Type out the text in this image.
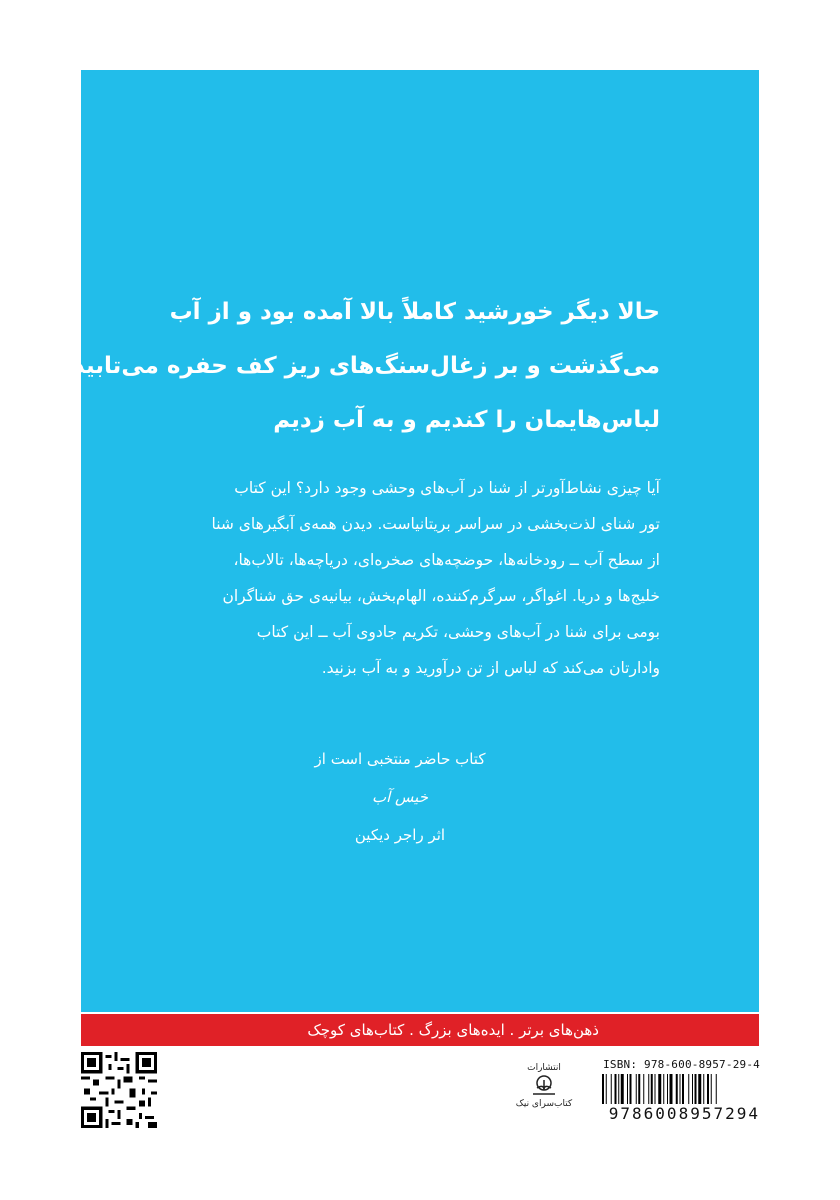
حالا دیگر خورشید کاملاً بالا آمده بود و از آب
می‌گذشت و بر زغال‌سنگ‌های ریز کف حفره می‌تابید.
لباس‌هایمان را کندیم و به آب زدیم
آیا چیزی نشاط‌آورتر از شنا در آب‌های وحشی وجود دارد؟ این کتاب
تور شنای لذت‌بخشی در سراسر بریتانیاست. دیدن همه‌ی آبگیرهای شنا
از سطح آب ــ رودخانه‌ها، حوضچه‌های صخره‌ای، دریاچه‌ها، تالاب‌ها،
خلیج‌ها و دریا. اغواگر، سرگرم‌کننده، الهام‌بخش، بیانیه‌ی حق شناگران
بومی برای شنا در آب‌های وحشی، تکریم جادوی آب ــ این کتاب
وادارتان می‌کند که لباس از تن درآورید و به آب بزنید.
کتاب حاضر منتخبی است از
خیس آب
اثر راجر دیکین
ذهن‌های برتر . ایده‌های بزرگ . کتاب‌های کوچک
انتشارات
کتاب‌سرای نیک
ISBN: 978-600-8957-29-4
9786008957294
